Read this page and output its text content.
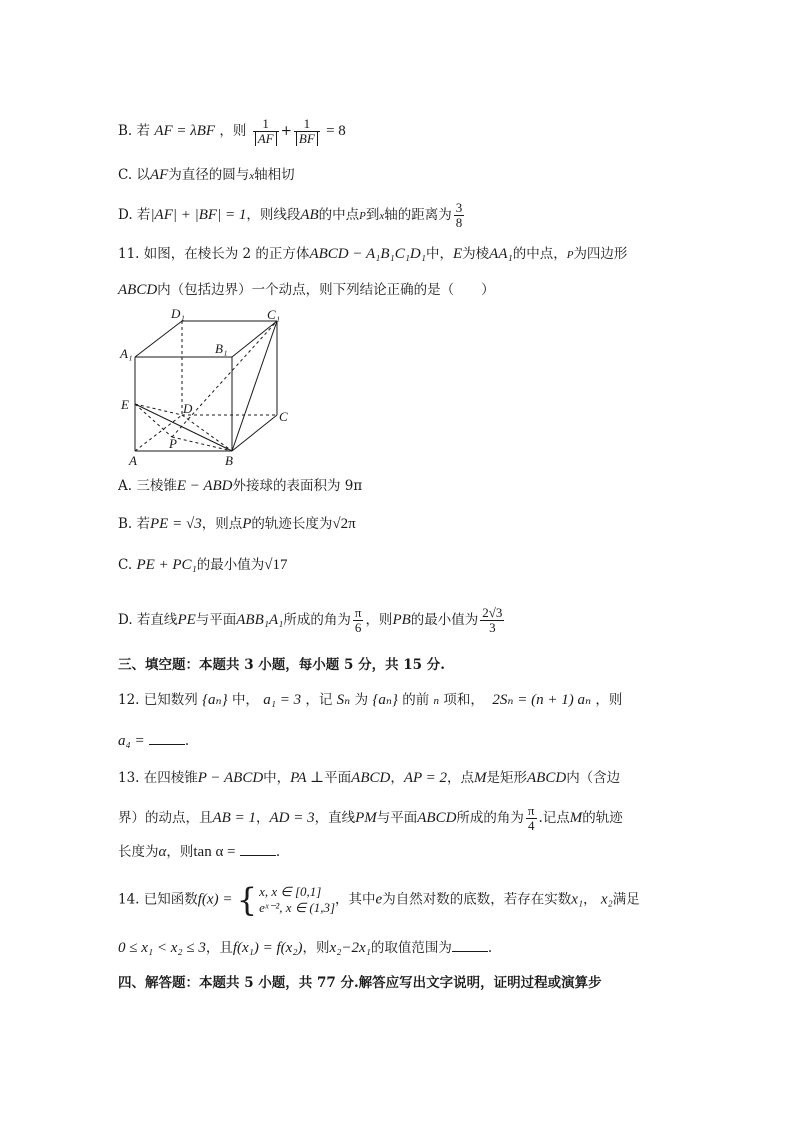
B. 若 AF = λBF ，则 $\frac{1}{AF} + \frac{1}{BF} = 8$
C. 以AF为直径的圆与x轴相切
D. 若|AF| + |BF| = 1，则线段AB的中点P到x轴的距离为 $\frac{3}{8}$
11. 如图，在棱长为 2 的正方体ABCD − A₁B₁C₁D₁中，E为棱AA₁的中点，P为四边形
ABCD内（包括边界）一个动点，则下列结论正确的是（　　）
D₁	C₁
A₁	B₁
E	D
C
P
A	B
A. 三棱锥E − ABD外接球的表面积为 9π
B. 若PE = √3，则点P的轨迹长度为√2π
C. PE + PC₁的最小值为√17
D. 若直线PE与平面ABB₁A₁所成的角为 $\frac{\pi}{6}$ ，则PB的最小值为 $\frac{2√3}{3}$
三、填空题：本题共 3 小题，每小题 5 分，共 15 分.
12. 已知数列 {aₙ} 中， a₁ = 3 ，记 Sₙ 为 {aₙ} 的前 n 项和， 2Sₙ = (n + 1) aₙ ，则
a₄ =	.
13. 在四棱锥P − ABCD中，PA ⊥平面ABCD，AP = 2，点M是矩形ABCD内（含边
界）的动点，且AB = 1，AD = 3，直线PM与平面ABCD所成的角为 $\frac{\pi}{4}$ .记点M的轨迹
长度为α，则tan α =	.
14. 已知函数f(x) = { x, x ∈ [0,1]
eˣ⁻², x ∈ (1,3] ，其中e为自然对数的底数，若存在实数x₁， x₂满足
0 ≤ x₁ < x₂ ≤ 3，且f(x₁) = f(x₂)，则x₂−2x₁的取值范围为	.
四、解答题：本题共 5 小题，共 77 分.解答应写出文字说明，证明过程或演算步
